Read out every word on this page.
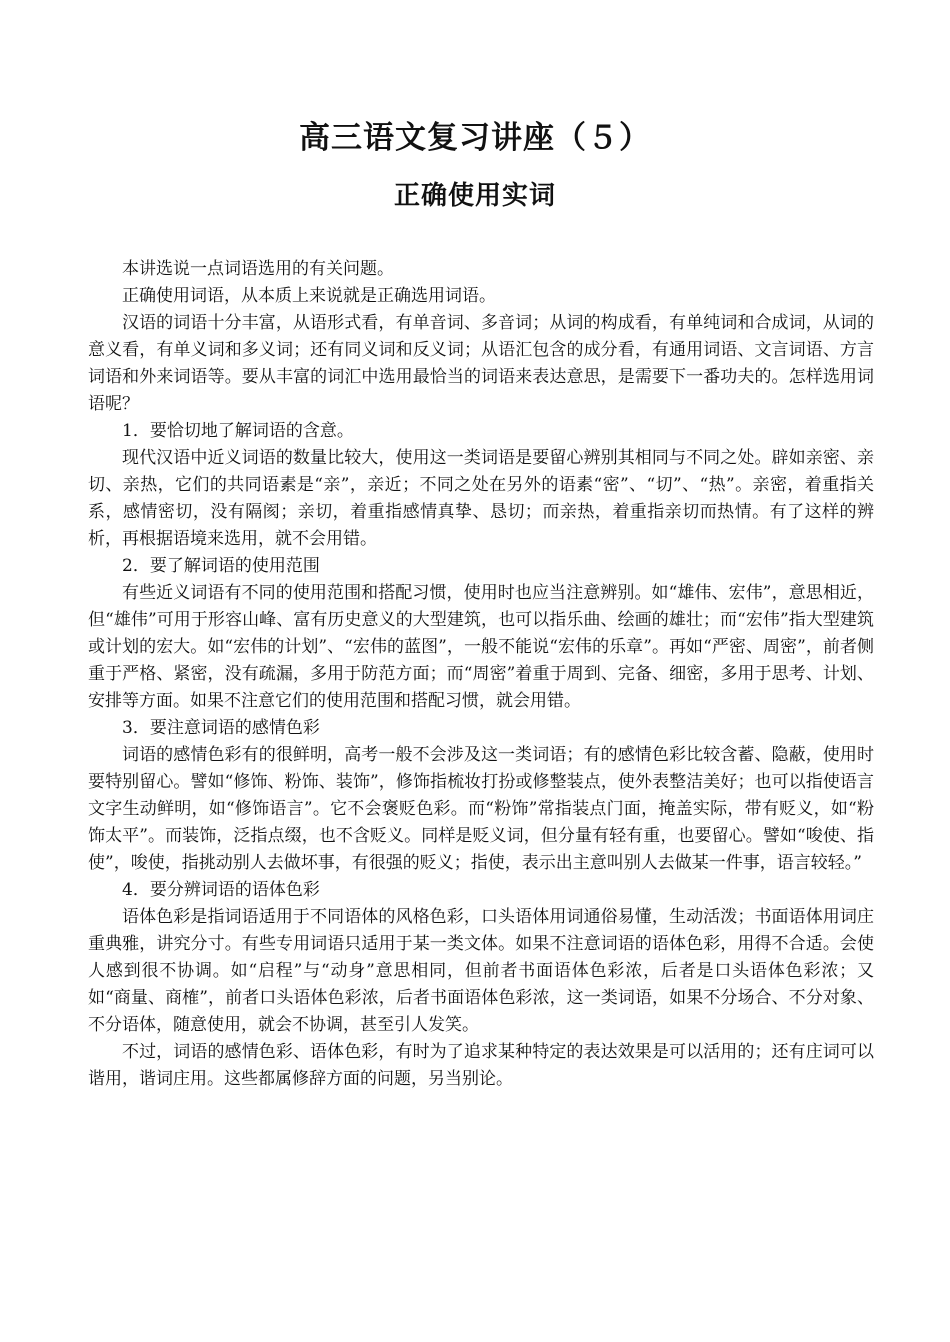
高三语文复习讲座（５）
正确使用实词

本讲选说一点词语选用的有关问题。

正确使用词语，从本质上来说就是正确选用词语。

汉语的词语十分丰富，从语形式看，有单音词、多音词；从词的构成看，有单纯词和合成词，从词的意义看，有单义词和多义词；还有同义词和反义词；从语汇包含的成分看，有通用词语、文言词语、方言词语和外来词语等。要从丰富的词汇中选用最恰当的词语来表达意思，是需要下一番功夫的。怎样选用词语呢？

1．要恰切地了解词语的含意。

现代汉语中近义词语的数量比较大，使用这一类词语是要留心辨别其相同与不同之处。辟如亲密、亲切、亲热，它们的共同语素是“亲”，亲近；不同之处在另外的语素“密”、“切”、“热”。亲密，着重指关系，感情密切，没有隔阂；亲切，着重指感情真挚、恳切；而亲热，着重指亲切而热情。有了这样的辨析，再根据语境来选用，就不会用错。

2．要了解词语的使用范围

有些近义词语有不同的使用范围和搭配习惯，使用时也应当注意辨别。如“雄伟、宏伟”，意思相近，但“雄伟”可用于形容山峰、富有历史意义的大型建筑，也可以指乐曲、绘画的雄壮；而“宏伟”指大型建筑或计划的宏大。如“宏伟的计划”、“宏伟的蓝图”，一般不能说“宏伟的乐章”。再如“严密、周密”，前者侧重于严格、紧密，没有疏漏，多用于防范方面；而“周密”着重于周到、完备、细密，多用于思考、计划、安排等方面。如果不注意它们的使用范围和搭配习惯，就会用错。

3．要注意词语的感情色彩

词语的感情色彩有的很鲜明，高考一般不会涉及这一类词语；有的感情色彩比较含蓄、隐蔽，使用时要特别留心。譬如“修饰、粉饰、装饰”，修饰指梳妆打扮或修整装点，使外表整洁美好；也可以指使语言文字生动鲜明，如“修饰语言”。它不会褒贬色彩。而“粉饰”常指装点门面，掩盖实际，带有贬义，如“粉饰太平”。而装饰，泛指点缀，也不含贬义。同样是贬义词，但分量有轻有重，也要留心。譬如“唆使、指使”，唆使，指挑动别人去做坏事，有很强的贬义；指使，表示出主意叫别人去做某一件事，语言较轻。”

4．要分辨词语的语体色彩

语体色彩是指词语适用于不同语体的风格色彩，口头语体用词通俗易懂，生动活泼；书面语体用词庄重典雅，讲究分寸。有些专用词语只适用于某一类文体。如果不注意词语的语体色彩，用得不合适。会使人感到很不协调。如“启程”与“动身”意思相同，但前者书面语体色彩浓，后者是口头语体色彩浓；又如“商量、商榷”，前者口头语体色彩浓，后者书面语体色彩浓，这一类词语，如果不分场合、不分对象、不分语体，随意使用，就会不协调，甚至引人发笑。

不过，词语的感情色彩、语体色彩，有时为了追求某种特定的表达效果是可以活用的；还有庄词可以谐用，谐词庄用。这些都属修辞方面的问题，另当别论。
